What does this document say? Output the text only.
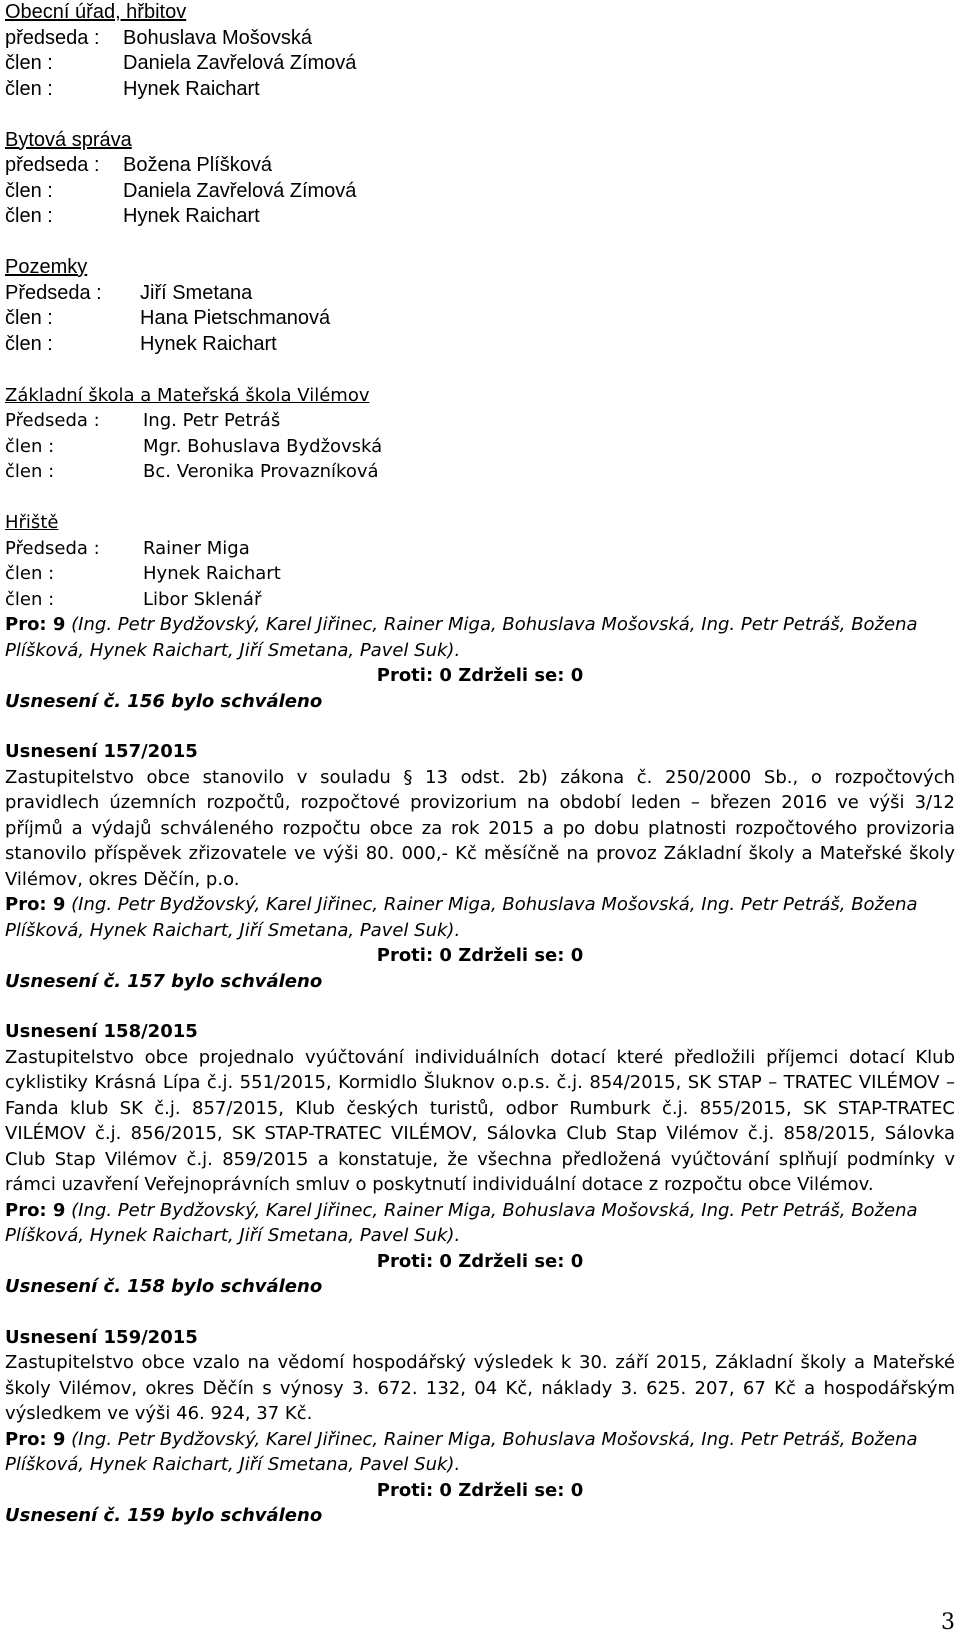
Obecní úřad, hřbitov
předseda : Bohuslava Mošovská
člen :	Daniela Zavřelová Zímová
člen :	Hynek Raichart
Bytová správa
předseda : Božena Plíšková
člen :	Daniela Zavřelová Zímová
člen :	Hynek Raichart
Pozemky
Předseda :	Jiří Smetana
člen :	Hana Pietschmanová
člen :	Hynek Raichart
Základní škola a Mateřská škola Vilémov
Předseda :	Ing. Petr Petráš
člen :	Mgr. Bohuslava Bydžovská
člen :	Bc. Veronika Provazníková
Hřiště
Předseda :	Rainer Miga
člen :	Hynek Raichart
člen :	Libor Sklenář
Pro: 9 (Ing. Petr Bydžovský, Karel Jiřinec, Rainer Miga, Bohuslava Mošovská, Ing. Petr Petráš, Božena Plíšková, Hynek Raichart, Jiří Smetana, Pavel Suk).
Proti: 0 Zdrželi se: 0
Usnesení č. 156 bylo schváleno
Usnesení 157/2015
Zastupitelstvo obce stanovilo v souladu § 13 odst. 2b) zákona č. 250/2000 Sb., o rozpočtových pravidlech územních rozpočtů, rozpočtové provizorium na období leden – březen 2016 ve výši 3/12 příjmů a výdajů schváleného rozpočtu obce za rok 2015 a po dobu platnosti rozpočtového provizoria stanovilo příspěvek zřizovatele ve výši 80. 000,- Kč měsíčně na provoz Základní školy a Mateřské školy Vilémov, okres Děčín, p.o.
Pro: 9 (Ing. Petr Bydžovský, Karel Jiřinec, Rainer Miga, Bohuslava Mošovská, Ing. Petr Petráš, Božena Plíšková, Hynek Raichart, Jiří Smetana, Pavel Suk).
Proti: 0 Zdrželi se: 0
Usnesení č. 157 bylo schváleno
Usnesení 158/2015
Zastupitelstvo obce projednalo vyúčtování individuálních dotací které předložili příjemci dotací Klub cyklistiky Krásná Lípa č.j. 551/2015, Kormidlo Šluknov o.p.s. č.j. 854/2015, SK STAP – TRATEC VILÉMOV – Fanda klub SK č.j. 857/2015, Klub českých turistů, odbor Rumburk č.j. 855/2015, SK STAP-TRATEC VILÉMOV č.j. 856/2015, SK STAP-TRATEC VILÉMOV, Sálovka Club Stap Vilémov č.j. 858/2015, Sálovka Club Stap Vilémov č.j. 859/2015 a konstatuje, že všechna předložená vyúčtování splňují podmínky v rámci uzavření Veřejnoprávních smluv o poskytnutí individuální dotace z rozpočtu obce Vilémov.
Pro: 9 (Ing. Petr Bydžovský, Karel Jiřinec, Rainer Miga, Bohuslava Mošovská, Ing. Petr Petráš, Božena Plíšková, Hynek Raichart, Jiří Smetana, Pavel Suk).
Proti: 0 Zdrželi se: 0
Usnesení č. 158 bylo schváleno
Usnesení 159/2015
Zastupitelstvo obce vzalo na vědomí hospodářský výsledek k 30. září 2015, Základní školy a Mateřské školy Vilémov, okres Děčín s výnosy 3. 672. 132, 04 Kč, náklady 3. 625. 207, 67 Kč a hospodářským výsledkem ve výši 46. 924, 37 Kč.
Pro: 9 (Ing. Petr Bydžovský, Karel Jiřinec, Rainer Miga, Bohuslava Mošovská, Ing. Petr Petráš, Božena Plíšková, Hynek Raichart, Jiří Smetana, Pavel Suk).
Proti: 0 Zdrželi se: 0
Usnesení č. 159 bylo schváleno
3
